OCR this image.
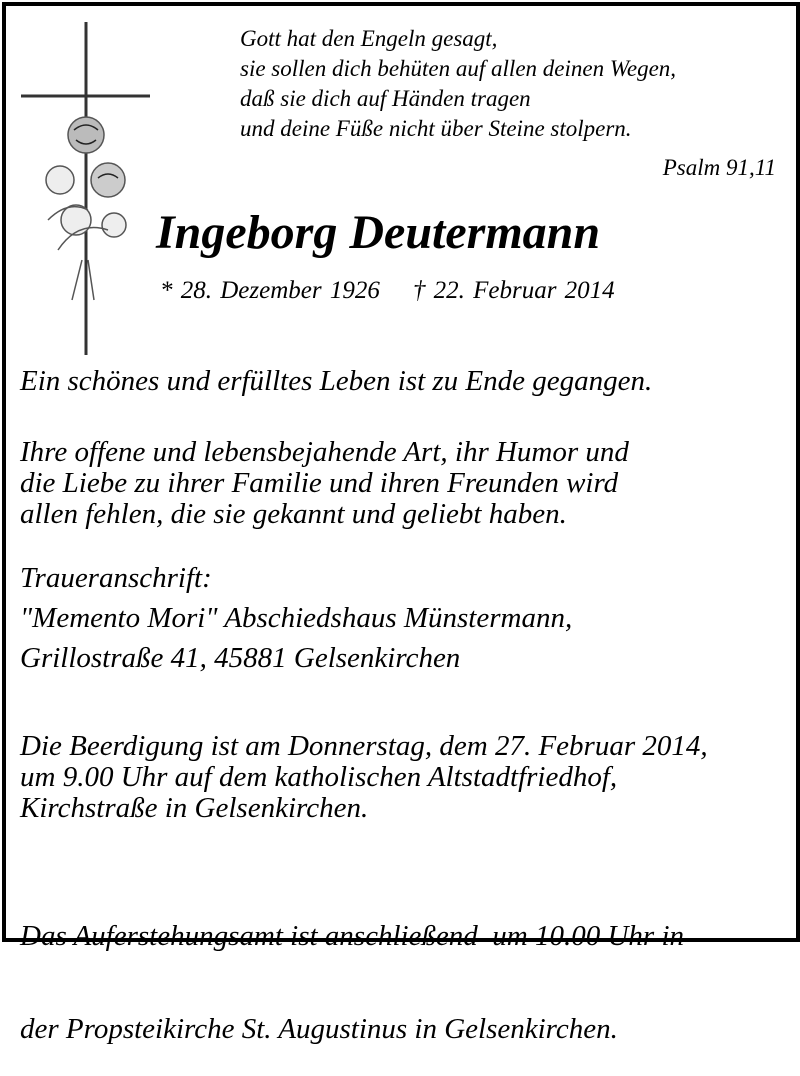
Gott hat den Engeln gesagt,
sie sollen dich behüten auf allen deinen Wegen,
daß sie dich auf Händen tragen
und deine Füße nicht über Steine stolpern.
Psalm 91,11
Ingeborg Deutermann
* 28. Dezember 1926 † 22. Februar 2014
Ein schönes und erfülltes Leben ist zu Ende gegangen.
Ihre offene und lebensbejahende Art, ihr Humor und
die Liebe zu ihrer Familie und ihren Freunden wird
allen fehlen, die sie gekannt und geliebt haben.
Traueranschrift:
"Memento Mori" Abschiedshaus Münstermann,
Grillostraße 41, 45881 Gelsenkirchen
Die Beerdigung ist am Donnerstag, dem 27. Februar 2014,
um 9.00 Uhr auf dem katholischen Altstadtfriedhof,
Kirchstraße in Gelsenkirchen.

Das Auferstehungsamt ist anschließend  um 10.00 Uhr in

der Propsteikirche St. Augustinus in Gelsenkirchen.
